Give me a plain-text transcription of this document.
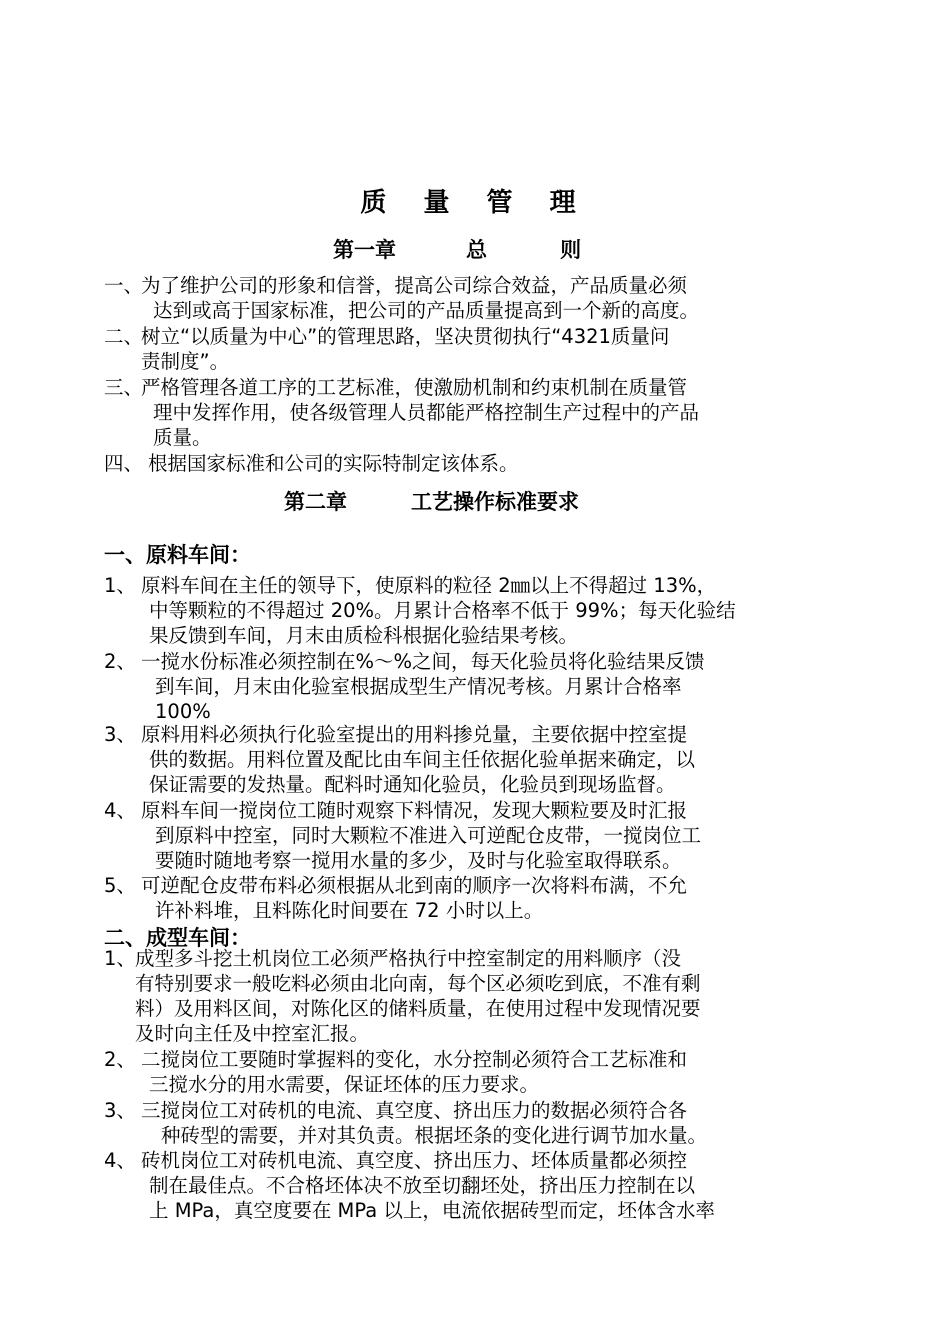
质 量 管 理
第一章	总          则
一、
为了维护公司的形象和信誉，提高公司综合效益，产品质量必须
达到或高于国家标准，把公司的产品质量提高到一个新的高度。
二、
树立“以质量为中心”的管理思路，坚决贯彻执行“4321质量问
责制度”。
三、
严格管理各道工序的工艺标准，使激励机制和约束机制在质量管
理中发挥作用，使各级管理人员都能严格控制生产过程中的产品
质量。
四、 根据国家标准和公司的实际特制定该体系。
第二章	工艺操作标准要求
一、原料车间：
1、 原料车间在主任的领导下，使原料的粒径 2㎜以上不得超过 13%，
中等颗粒的不得超过 20%。月累计合格率不低于 99%；每天化验结
果反馈到车间，月末由质检科根据化验结果考核。
2、 一搅水份标准必须控制在%～%之间，每天化验员将化验结果反馈
到车间，月末由化验室根据成型生产情况考核。月累计合格率
100%
3、 原料用料必须执行化验室提出的用料掺兑量，主要依据中控室提
供的数据。用料位置及配比由车间主任依据化验单据来确定，以
保证需要的发热量。配料时通知化验员，化验员到现场监督。
4、 原料车间一搅岗位工随时观察下料情况，发现大颗粒要及时汇报
到原料中控室，同时大颗粒不准进入可逆配仓皮带，一搅岗位工
要随时随地考察一搅用水量的多少，及时与化验室取得联系。
5、 可逆配仓皮带布料必须根据从北到南的顺序一次将料布满，不允
许补料堆，且料陈化时间要在 72 小时以上。
二、成型车间：
1、 成型多斗挖土机岗位工必须严格执行中控室制定的用料顺序（没
有特别要求一般吃料必须由北向南，每个区必须吃到底，不准有剩
料）及用料区间，对陈化区的储料质量，在使用过程中发现情况要
及时向主任及中控室汇报。
2、 二搅岗位工要随时掌握料的变化，水分控制必须符合工艺标准和
三搅水分的用水需要，保证坯体的压力要求。
3、 三搅岗位工对砖机的电流、真空度、挤出压力的数据必须符合各
种砖型的需要，并对其负责。根据坯条的变化进行调节加水量。
4、 砖机岗位工对砖机电流、真空度、挤出压力、坯体质量都必须控
制在最佳点。不合格坯体决不放至切翻坯处，挤出压力控制在以
上 MPa，真空度要在 MPa 以上，电流依据砖型而定，坯体含水率
